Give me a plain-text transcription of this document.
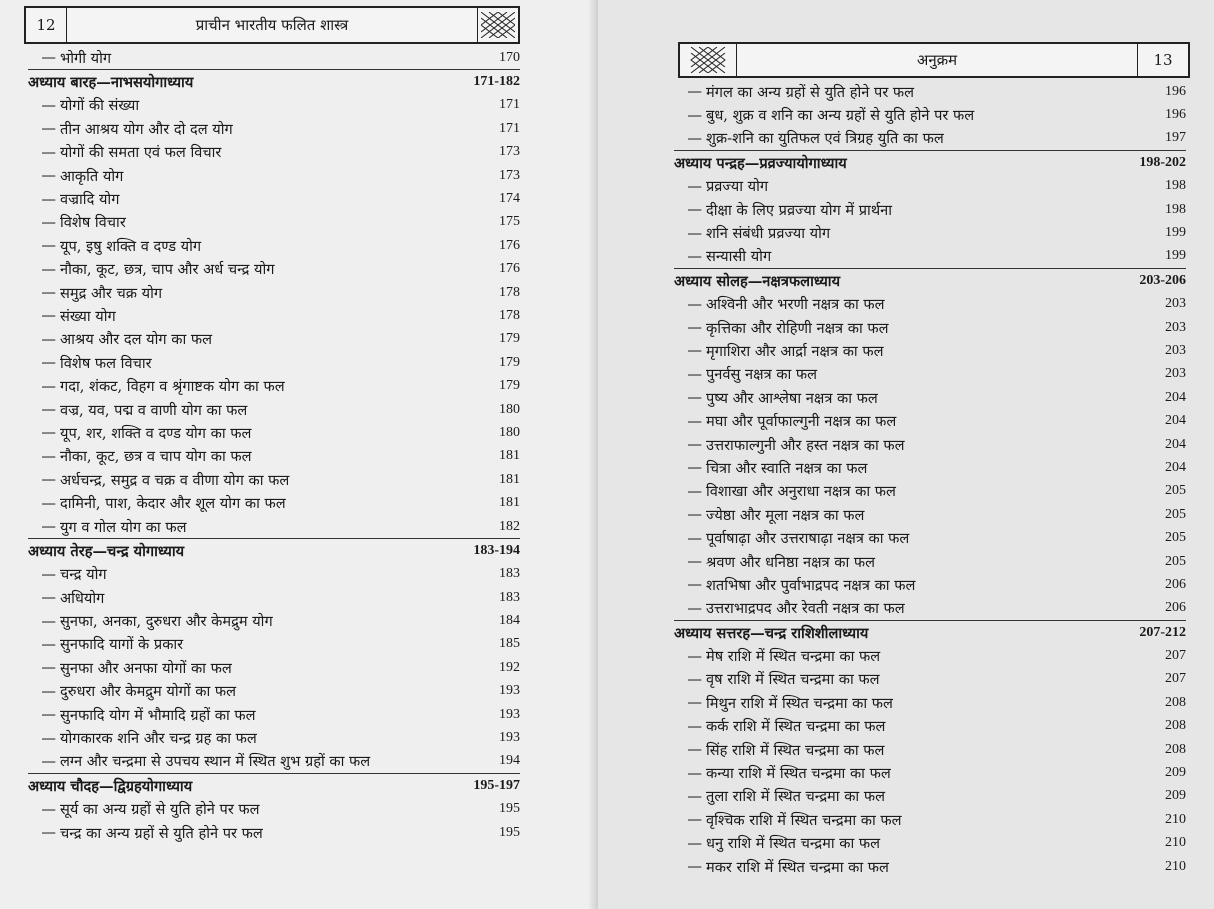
12	प्राचीन भारतीय फलित शास्त्र
— भोगी योग	170
अध्याय बारह—नाभसयोगाध्याय	171-182
— योगों की संख्या	171
— तीन आश्रय योग और दो दल योग	171
— योगों की समता एवं फल विचार	173
— आकृति योग	173
— वज्रादि योग	174
— विशेष विचार	175
— यूप, इषु शक्ति व दण्ड योग	176
— नौका, कूट, छत्र, चाप और अर्ध चन्द्र योग	176
— समुद्र और चक्र योग	178
— संख्या योग	178
— आश्रय और दल योग का फल	179
— विशेष फल विचार	179
— गदा, शंकट, विहग व श्रृंगाष्टक योग का फल	179
— वज्र, यव, पद्म व वाणी योग का फल	180
— यूप, शर, शक्ति व दण्ड योग का फल	180
— नौका, कूट, छत्र व चाप योग का फल	181
— अर्धचन्द्र, समुद्र व चक्र व वीणा योग का फल	181
— दामिनी, पाश, केदार और शूल योग का फल	181
— युग व गोल योग का फल	182
अध्याय तेरह—चन्द्र योगाध्याय	183-194
— चन्द्र योग	183
— अधियोग	183
— सुनफा, अनका, दुरुधरा और केमद्रुम योग	184
— सुनफादि यागों के प्रकार	185
— सुनफा और अनफा योगों का फल	192
— दुरुधरा और केमद्रुम योगों का फल	193
— सुनफादि योग में भौमादि ग्रहों का फल	193
— योगकारक शनि और चन्द्र ग्रह का फल	193
— लग्न और चन्द्रमा से उपचय स्थान में स्थित शुभ ग्रहों का फल	194
अध्याय चौदह—द्विग्रहयोगाध्याय	195-197
— सूर्य का अन्य ग्रहों से युति होने पर फल	195
— चन्द्र का अन्य ग्रहों से युति होने पर फल	195
अनुक्रम	13
— मंगल का अन्य ग्रहों से युति होने पर फल	196
— बुध, शुक्र व शनि का अन्य ग्रहों से युति होने पर फल	196
— शुक्र-शनि का युतिफल एवं त्रिग्रह युति का फल	197
अध्याय पन्द्रह—प्रव्रज्यायोगाध्याय	198-202
— प्रव्रज्या योग	198
— दीक्षा के लिए प्रव्रज्या योग में प्रार्थना	198
— शनि संबंधी प्रव्रज्या योग	199
— सन्यासी योग	199
अध्याय सोलह—नक्षत्रफलाध्याय	203-206
— अश्विनी और भरणी नक्षत्र का फल	203
— कृत्तिका और रोहिणी नक्षत्र का फल	203
— मृगाशिरा और आर्द्रा नक्षत्र का फल	203
— पुनर्वसु नक्षत्र का फल	203
— पुष्य और आश्लेषा नक्षत्र का फल	204
— मघा और पूर्वाफाल्गुनी नक्षत्र का फल	204
— उत्तराफाल्गुनी और हस्त नक्षत्र का फल	204
— चित्रा और स्वाति नक्षत्र का फल	204
— विशाखा और अनुराधा नक्षत्र का फल	205
— ज्येष्ठा और मूला नक्षत्र का फल	205
— पूर्वाषाढ़ा और उत्तराषाढ़ा नक्षत्र का फल	205
— श्रवण और धनिष्ठा नक्षत्र का फल	205
— शतभिषा और पुर्वाभाद्रपद नक्षत्र का फल	206
— उत्तराभाद्रपद और रेवती नक्षत्र का फल	206
अध्याय सत्तरह—चन्द्र राशिशीलाध्याय	207-212
— मेष राशि में स्थित चन्द्रमा का फल	207
— वृष राशि में स्थित चन्द्रमा का फल	207
— मिथुन राशि में स्थित चन्द्रमा का फल	208
— कर्क राशि में स्थित चन्द्रमा का फल	208
— सिंह राशि में स्थित चन्द्रमा का फल	208
— कन्या राशि में स्थित चन्द्रमा का फल	209
— तुला राशि में स्थित चन्द्रमा का फल	209
— वृश्चिक राशि में स्थित चन्द्रमा का फल	210
— धनु राशि में स्थित चन्द्रमा का फल	210
— मकर राशि में स्थित चन्द्रमा का फल	210
